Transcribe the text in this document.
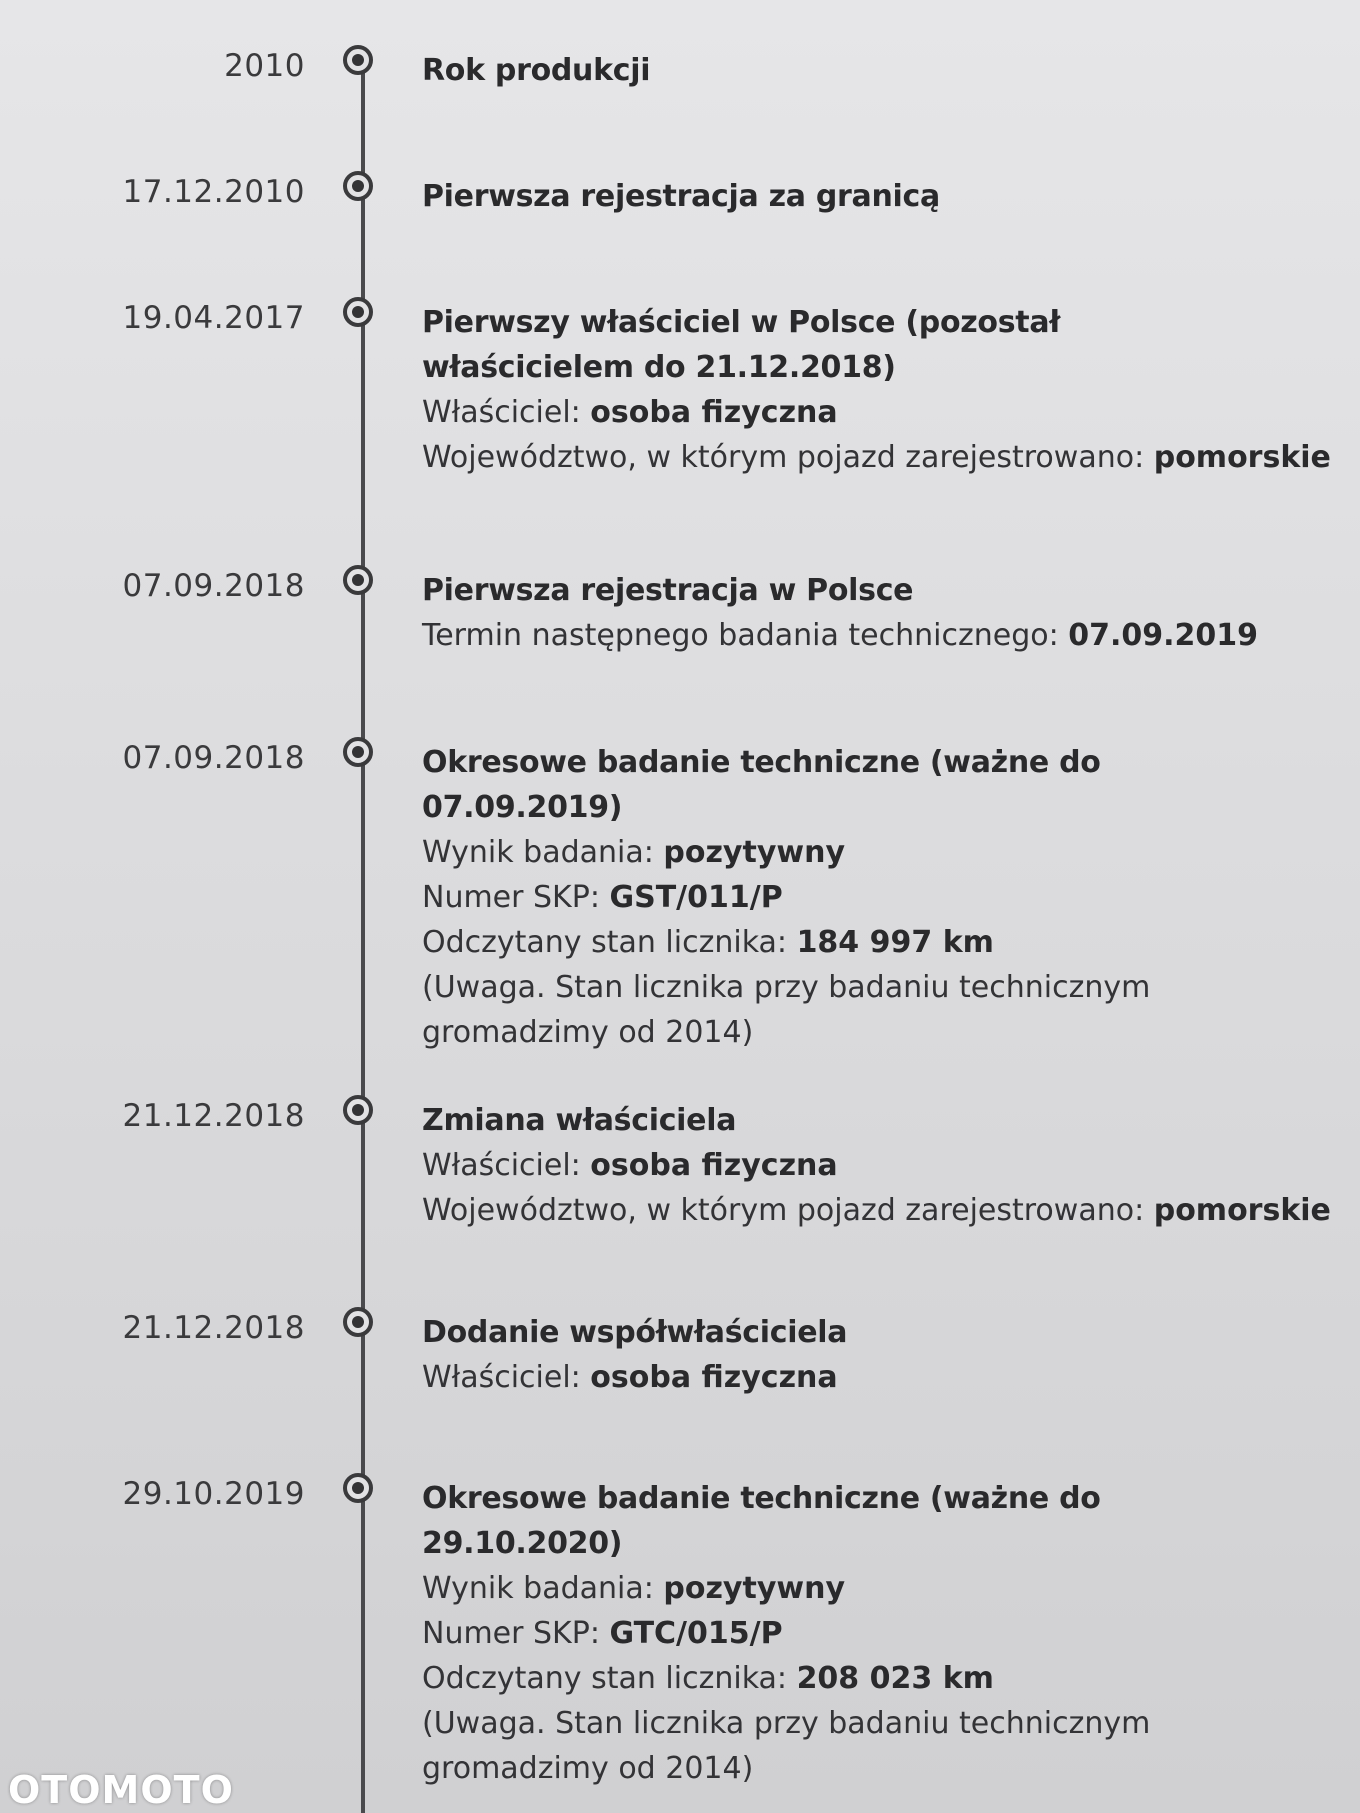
2010	Rok produkcji
17.12.2010	Pierwsza rejestracja za granicą
19.04.2017	Pierwszy właściciel w Polsce (pozostał właścicielem do 21.12.2018)
Właściciel: osoba fizyczna
Województwo, w którym pojazd zarejestrowano: pomorskie
07.09.2018	Pierwsza rejestracja w Polsce
Termin następnego badania technicznego: 07.09.2019
07.09.2018	Okresowe badanie techniczne (ważne do 07.09.2019)
Wynik badania: pozytywny
Numer SKP: GST/011/P
Odczytany stan licznika: 184 997 km
(Uwaga. Stan licznika przy badaniu technicznym gromadzimy od 2014)
21.12.2018	Zmiana właściciela
Właściciel: osoba fizyczna
Województwo, w którym pojazd zarejestrowano: pomorskie
21.12.2018	Dodanie współwłaściciela
Właściciel: osoba fizyczna
29.10.2019	Okresowe badanie techniczne (ważne do 29.10.2020)
Wynik badania: pozytywny
Numer SKP: GTC/015/P
Odczytany stan licznika: 208 023 km
(Uwaga. Stan licznika przy badaniu technicznym gromadzimy od 2014)
OTOMOTO
